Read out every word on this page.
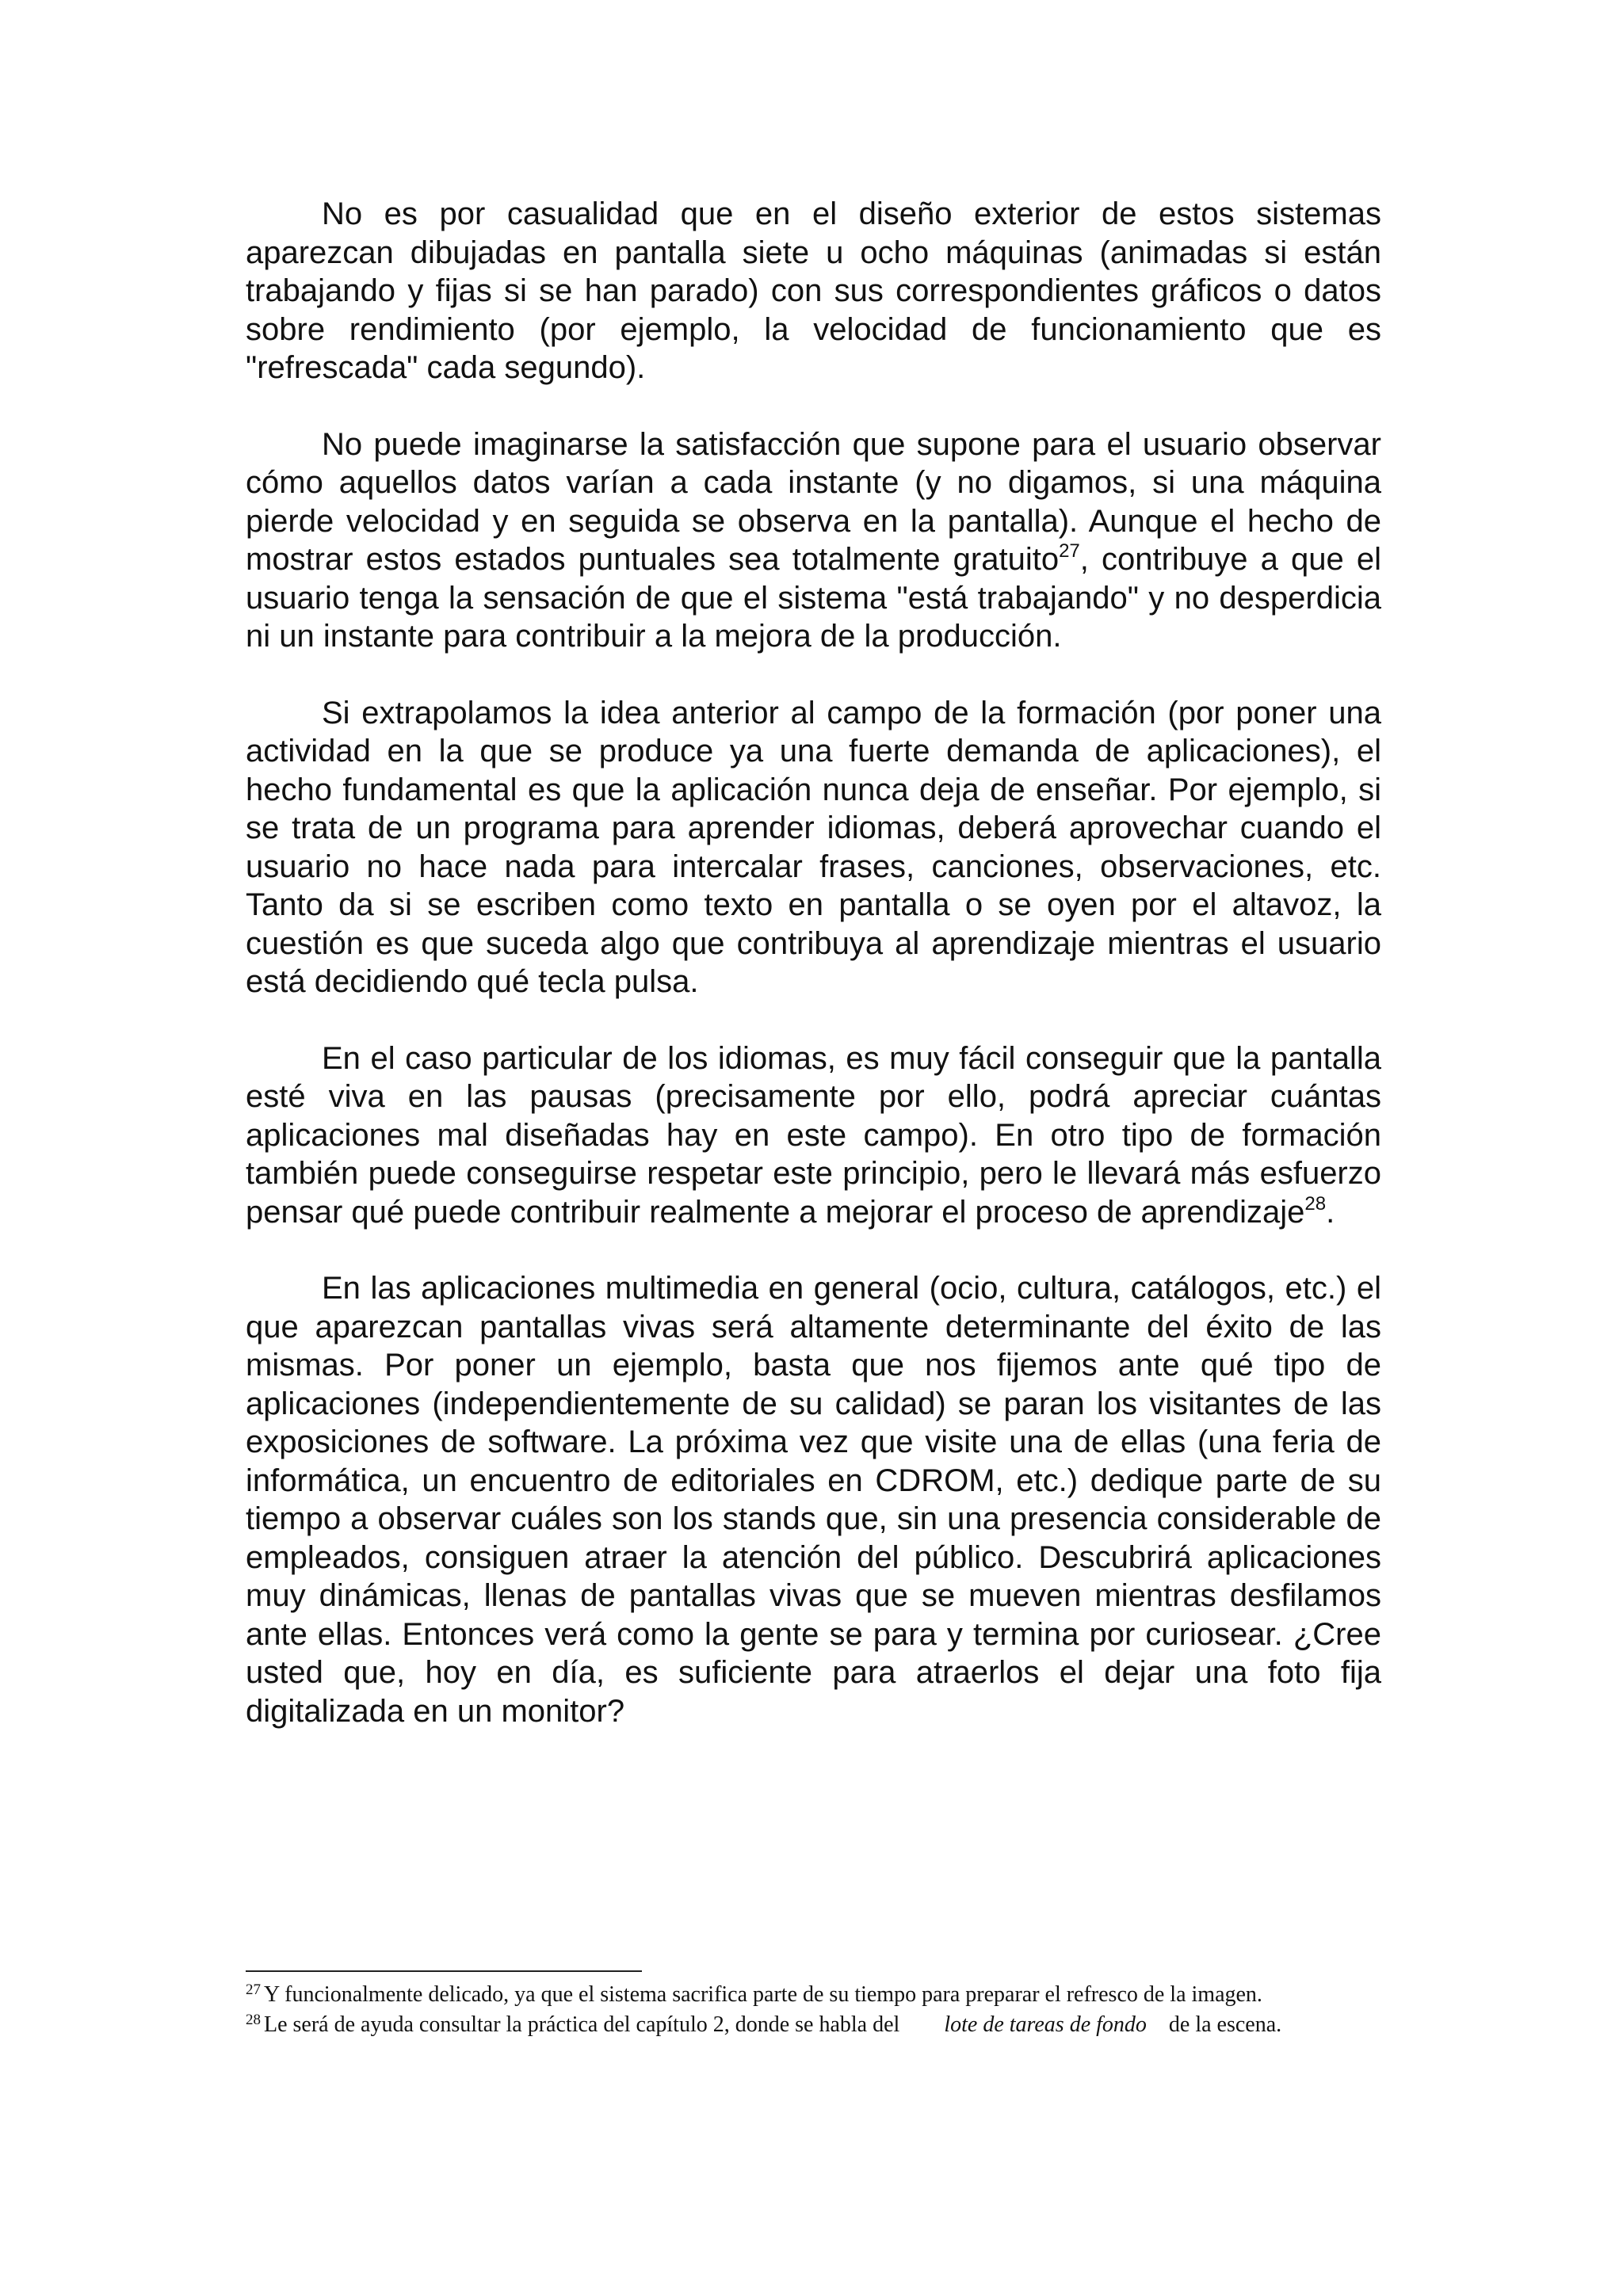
No es por casualidad que en el diseño exterior de estos sistemas aparezcan dibujadas en pantalla siete u ocho máquinas (animadas si están trabajando y fijas si se han parado) con sus correspondientes gráficos o datos sobre rendimiento (por ejemplo, la velocidad de funcionamiento que es "refrescada" cada segundo).

No puede imaginarse la satisfacción que supone para el usuario observar cómo aquellos datos varían a cada instante (y no digamos, si una máquina pierde velocidad y en seguida se observa en la pantalla). Aunque el hecho de mostrar estos estados puntuales sea totalmente gratuito$^{27}$, contribuye a que el usuario tenga la sensación de que el sistema "está trabajando" y no desperdicia ni un instante para contribuir a la mejora de la producción.

Si extrapolamos la idea anterior al campo de la formación (por poner una actividad en la que se produce ya una fuerte demanda de aplicaciones), el hecho fundamental es que la aplicación nunca deja de enseñar. Por ejemplo, si se trata de un programa para aprender idiomas, deberá aprovechar cuando el usuario no hace nada para intercalar frases, canciones, observaciones, etc. Tanto da si se escriben como texto en pantalla o se oyen por el altavoz, la cuestión es que suceda algo que contribuya al aprendizaje mientras el usuario está decidiendo qué tecla pulsa.

En el caso particular de los idiomas, es muy fácil conseguir que la pantalla esté viva en las pausas (precisamente por ello, podrá apreciar cuántas aplicaciones mal diseñadas hay en este campo). En otro tipo de formación también puede conseguirse respetar este principio, pero le llevará más esfuerzo pensar qué puede contribuir realmente a mejorar el proceso de aprendizaje$^{28}$.

En las aplicaciones multimedia en general (ocio, cultura, catálogos, etc.) el que aparezcan pantallas vivas será altamente determinante del éxito de las mismas. Por poner un ejemplo, basta que nos fijemos ante qué tipo de aplicaciones (independientemente de su calidad) se paran los visitantes de las exposiciones de software. La próxima vez que visite una de ellas (una feria de informática, un encuentro de editoriales en CDROM, etc.) dedique parte de su tiempo a observar cuáles son los stands que, sin una presencia considerable de empleados, consiguen atraer la atención del público. Descubrirá aplicaciones muy dinámicas, llenas de pantallas vivas que se mueven mientras desfilamos ante ellas. Entonces verá como la gente se para y termina por curiosear. ¿Cree usted que, hoy en día, es suficiente para atraerlos el dejar una foto fija digitalizada en un monitor?

$^{27}$ Y funcionalmente delicado, ya que el sistema sacrifica parte de su tiempo para preparar el refresco de la imagen.

$^{28}$ Le será de ayuda consultar la práctica del capítulo 2, donde se habla del lote de tareas de fondo de la escena.
